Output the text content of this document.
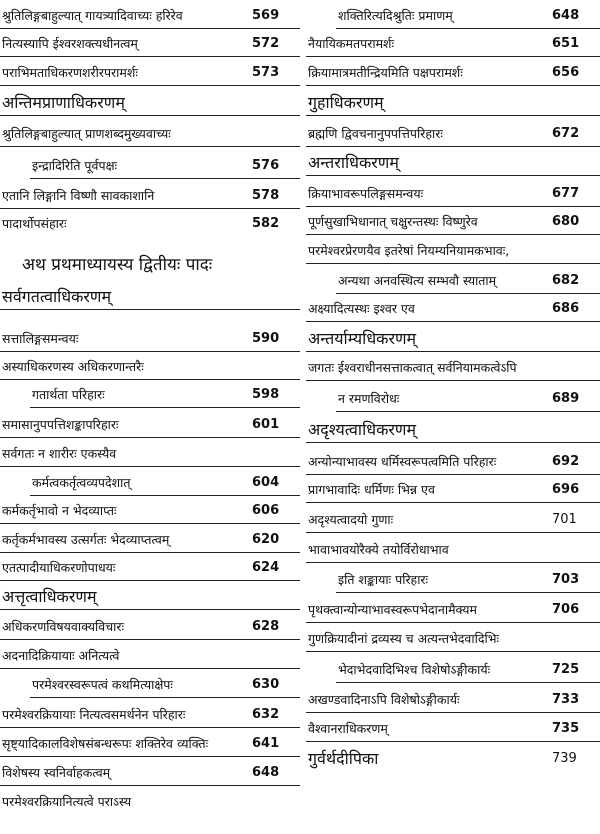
श्रुतिलिङ्गबाहुल्यात् गायत्र्यादिवाच्यः हरिरेव	569
नित्यस्यापि ईश्वरशक्त्यधीनत्वम्	572
पराभिमताधिकरणशरीरपरामर्शः	573
अन्तिमप्राणाधिकरणम्
श्रुतिलिङ्गबाहुल्यात् प्राणशब्दमुख्यवाच्यः
इन्द्रादिरिति पूर्वपक्षः	576
एतानि लिङ्गानि विष्णौ सावकाशानि	578
पादार्थोपसंहारः	582
अथ प्रथमाध्यायस्य द्वितीयः पादः
सर्वगतत्वाधिकरणम्
सत्तालिङ्गसमन्वयः	590
अस्याधिकरणस्य अधिकरणान्तरैः
गतार्थता परिहारः	598
समासानुपपत्तिशङ्कापरिहारः	601
सर्वगतः न शारीरः एकस्यैव
कर्मत्वकर्तृत्वव्यपदेशात्	604
कर्मकर्तृभावो न भेदव्याप्तः	606
कर्तृकर्मभावस्य उत्सर्गतः भेदव्याप्तत्वम्	620
एतत्पादीयाधिकरणोपाधयः	624
अत्तृत्वाधिकरणम्
अधिकरणविषयवाक्यविचारः	628
अदनादिक्रियायाः अनित्यत्वे
परमेश्वरस्वरूपत्वं कथमित्याक्षेपः	630
परमेश्वरक्रियायाः नित्यत्वसमर्थनेन परिहारः	632
सृष्ट्यादिकालविशेषसंबन्धरूपः शक्तिरेव व्यक्तिः	641
विशेषस्य स्वनिर्वाहकत्वम्	648
परमेश्वरक्रियानित्यत्वे पराऽस्य
शक्तिरित्यदिश्रुतिः प्रमाणम्	648
नैयायिकमतपरामर्शः	651
क्रियामात्रमतीन्द्रियमिति पक्षपरामर्शः	656
गुहाधिकरणम्
ब्रह्मणि द्विवचनानुपपत्तिपरिहारः	672
अन्तराधिकरणम्
क्रियाभावरूपलिङ्गसमन्वयः	677
पूर्णसुखाभिधानात् चक्षुरन्तस्थः विष्णुरेव	680
परमेश्वरप्रेरणयैव इतरेषां नियम्यनियामकभावः,
अन्यथा अनवस्थित्य सम्भवौ स्याताम्	682
अक्ष्यादित्यस्थः इश्वर एव	686
अन्तर्याम्यधिकरणम्
जगतः ईश्वराधीनसत्ताकत्वात् सर्वनियामकत्वेऽपि
न रमणविरोधः	689
अदृश्यत्वाधिकरणम्
अन्योन्याभावस्य धर्मिस्वरूपत्वमिति परिहारः	692
प्रागभावादिः धर्मिणः भिन्न एव	696
अदृश्यत्वादयो गुणाः	701
भावाभावयोरैक्ये तयोर्विरोधाभाव
इति शङ्कायाः परिहारः	703
पृथक्त्वान्योन्याभावस्वरूपभेदानामैक्यम	706
गुणक्रियादीनां द्रव्यस्य च अत्यन्तभेदवादिभिः
भेदाभेदवादिभिश्च विशेषोऽङ्गीकार्यः	725
अखण्डवादिनाऽपि विशेषोऽङ्गीकार्यः	733
वैश्वानराधिकरणम्	735
गुर्वर्थदीपिका	739
